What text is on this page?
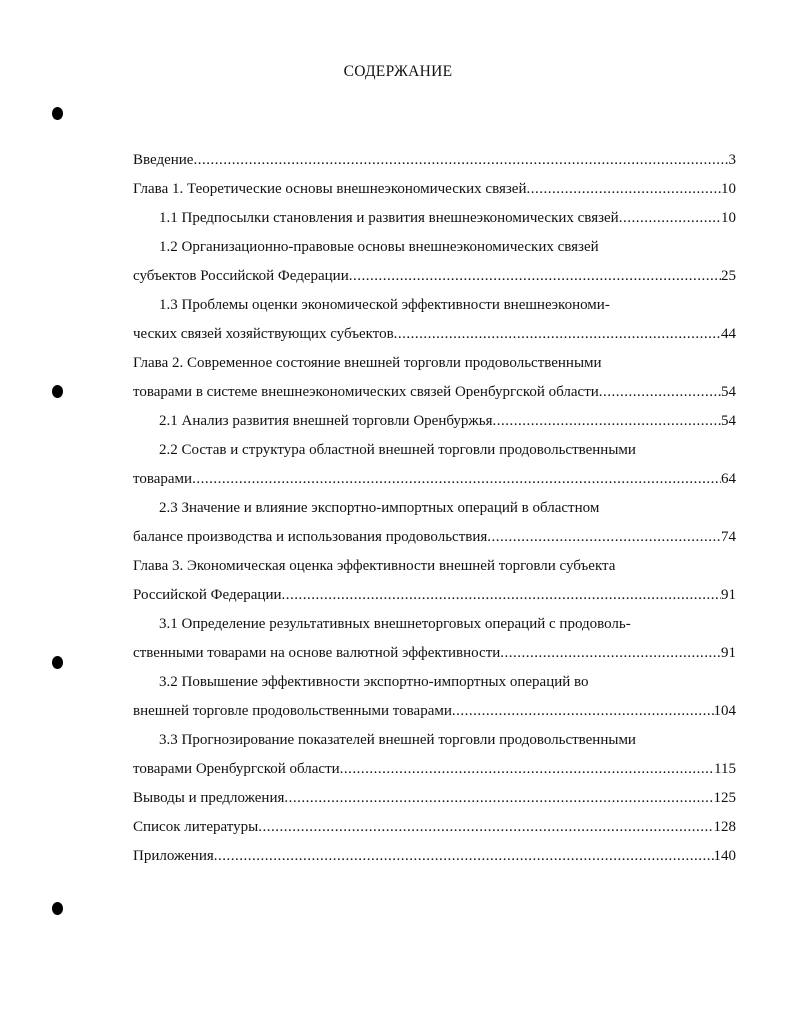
СОДЕРЖАНИЕ
Введение .....	3
Глава 1. Теоретические основы внешнеэкономических связей .....	10
1.1 Предпосылки становления и развития внешнеэкономических связей .....	10
1.2 Организационно-правовые основы внешнеэкономических связей
субъектов Российской Федерации .....	25
1.3 Проблемы оценки экономической эффективности внешнеэкономи-
ческих связей хозяйствующих субъектов .....	44
Глава 2. Современное состояние внешней торговли продовольственными
товарами в системе внешнеэкономических связей Оренбургской области .....	54
2.1 Анализ развития внешней торговли Оренбуржья .....	54
2.2 Состав и структура областной внешней торговли продовольственными
товарами .....	64
2.3 Значение и влияние экспортно-импортных операций в областном
балансе производства и использования продовольствия .....	74
Глава 3. Экономическая оценка эффективности внешней торговли субъекта
Российской Федерации .....	91
3.1 Определение результативных внешнеторговых операций с продоволь-
ственными товарами на основе валютной эффективности .....	91
3.2 Повышение эффективности экспортно-импортных операций во
внешней торговле продовольственными товарами .....	104
3.3 Прогнозирование показателей внешней торговли продовольственными
товарами Оренбургской области .....	115
Выводы и предложения .....	125
Список литературы .....	128
Приложения .....	140
